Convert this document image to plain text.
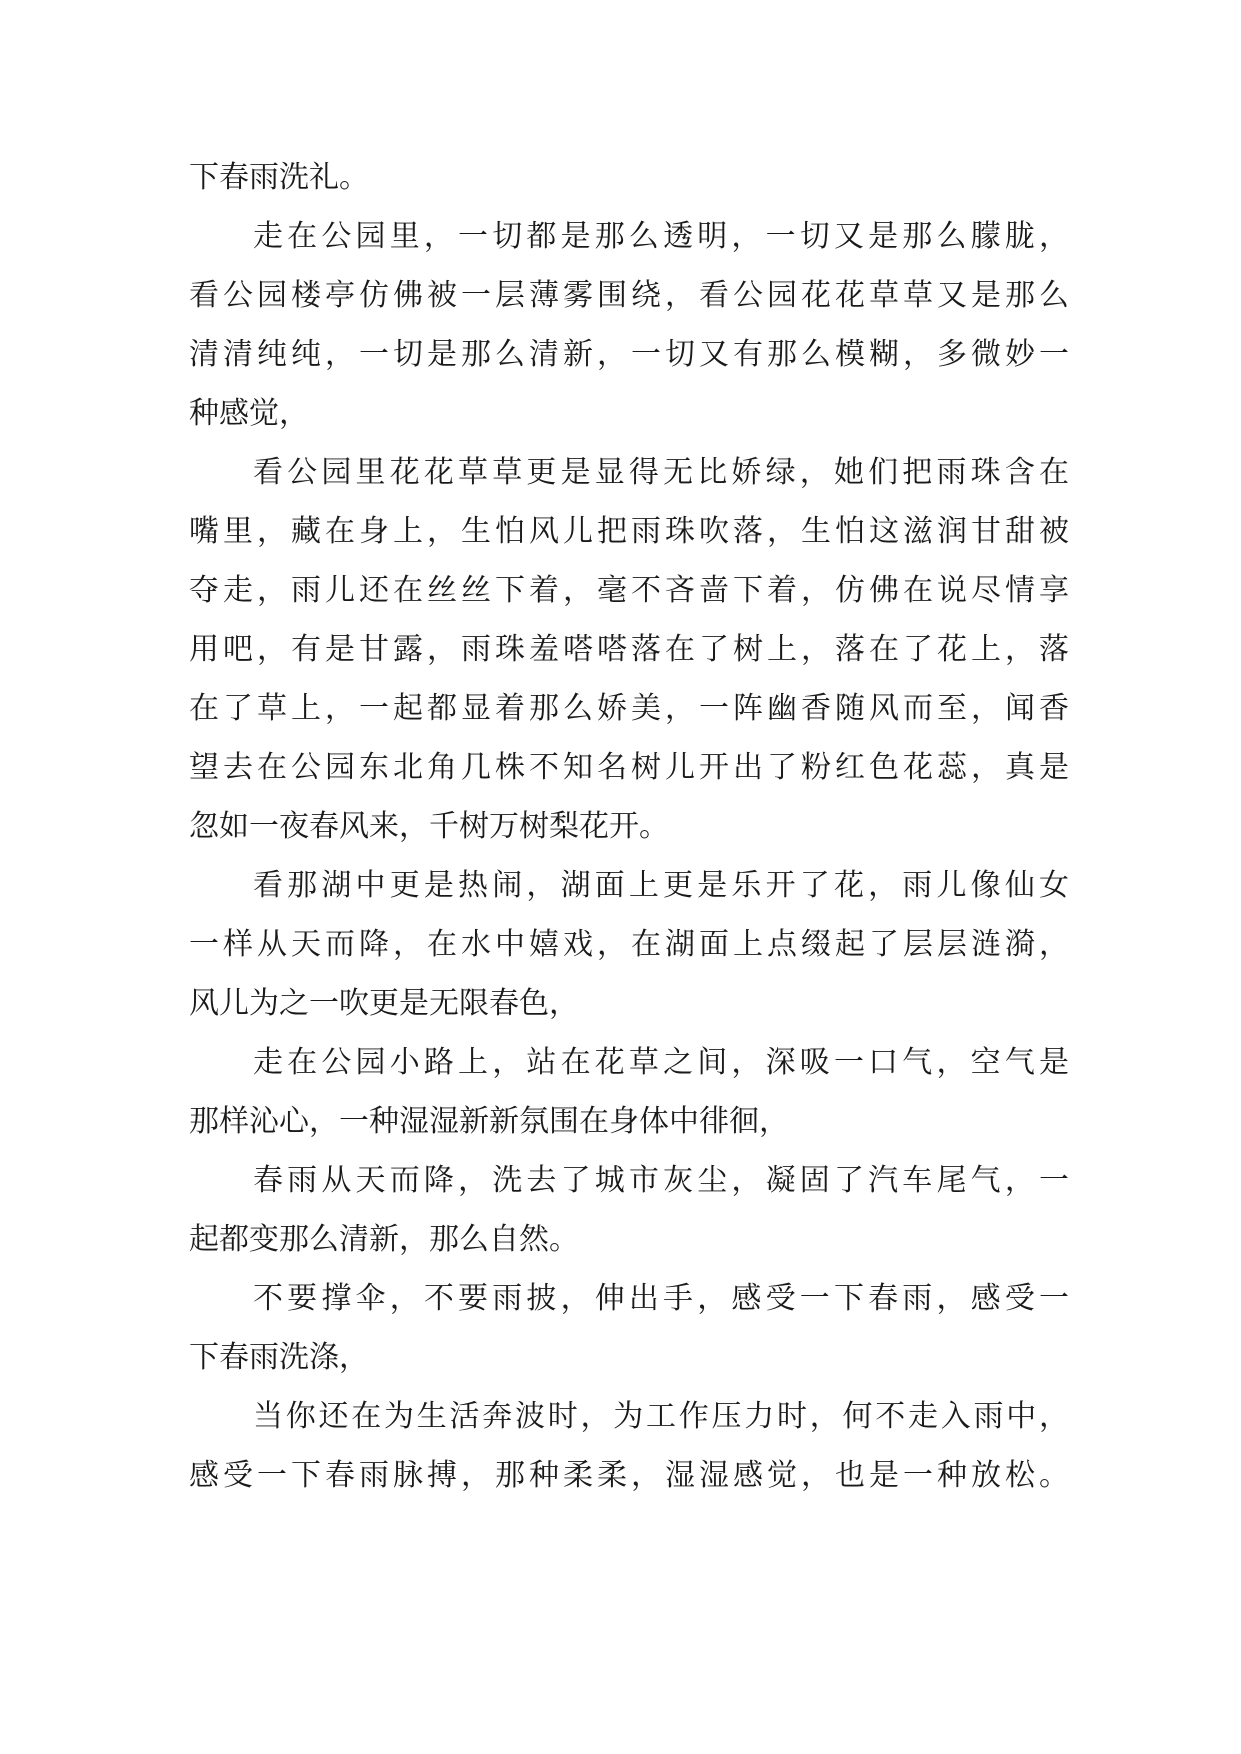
下春雨洗礼。
走在公园里，一切都是那么透明，一切又是那么朦胧，
看公园楼亭仿佛被一层薄雾围绕，看公园花花草草又是那么
清清纯纯，一切是那么清新，一切又有那么模糊，多微妙一
种感觉，
看公园里花花草草更是显得无比娇绿，她们把雨珠含在
嘴里，藏在身上，生怕风儿把雨珠吹落，生怕这滋润甘甜被
夺走，雨儿还在丝丝下着，毫不吝啬下着，仿佛在说尽情享
用吧，有是甘露，雨珠羞嗒嗒落在了树上，落在了花上，落
在了草上，一起都显着那么娇美，一阵幽香随风而至，闻香
望去在公园东北角几株不知名树儿开出了粉红色花蕊，真是
忽如一夜春风来，千树万树梨花开。
看那湖中更是热闹，湖面上更是乐开了花，雨儿像仙女
一样从天而降，在水中嬉戏，在湖面上点缀起了层层涟漪，
风儿为之一吹更是无限春色，
走在公园小路上，站在花草之间，深吸一口气，空气是
那样沁心，一种湿湿新新氛围在身体中徘徊，
春雨从天而降，洗去了城市灰尘，凝固了汽车尾气，一
起都变那么清新，那么自然。
不要撑伞，不要雨披，伸出手，感受一下春雨，感受一
下春雨洗涤，
当你还在为生活奔波时，为工作压力时，何不走入雨中，
感受一下春雨脉搏，那种柔柔，湿湿感觉，也是一种放松。
